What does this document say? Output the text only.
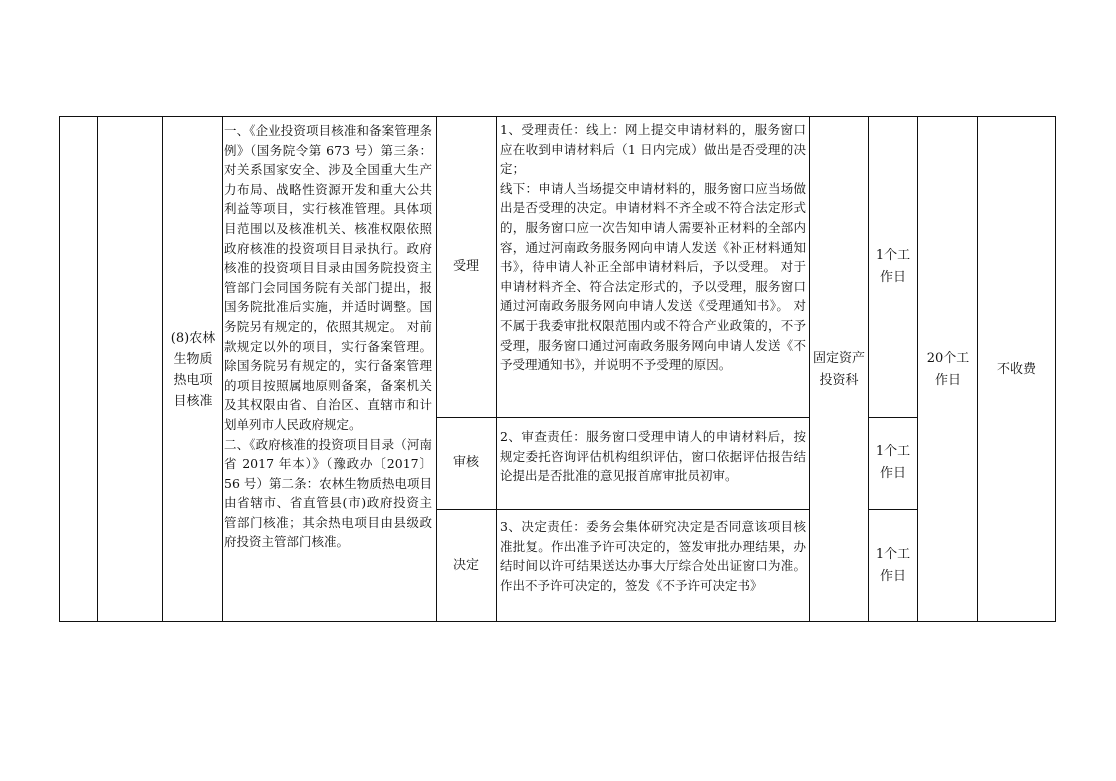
(8)农林生物质热电项目核准

一、《企业投资项目核准和备案管理条例》（国务院令第 673 号）第三条：对关系国家安全、涉及全国重大生产力布局、战略性资源开发和重大公共利益等项目，实行核准管理。具体项目范围以及核准机关、核准权限依照政府核准的投资项目目录执行。政府核准的投资项目目录由国务院投资主管部门会同国务院有关部门提出，报国务院批准后实施，并适时调整。国务院另有规定的，依照其规定。 对前款规定以外的项目，实行备案管理。除国务院另有规定的，实行备案管理的项目按照属地原则备案，备案机关及其权限由省、自治区、直辖市和计划单列市人民政府规定。

二、《政府核准的投资项目目录（河南省 2017 年本）》（豫政办〔2017〕56 号）第二条：农林生物质热电项目由省辖市、省直管县(市)政府投资主管部门核准；其余热电项目由县级政府投资主管部门核准。

受理
审核
决定

1、受理责任：线上：网上提交申请材料的，服务窗口应在收到申请材料后（1 日内完成）做出是否受理的决定；

线下：申请人当场提交申请材料的，服务窗口应当场做出是否受理的决定。申请材料不齐全或不符合法定形式的，服务窗口应一次告知申请人需要补正材料的全部内容，通过河南政务服务网向申请人发送《补正材料通知书》，待申请人补正全部申请材料后，予以受理。 对于申请材料齐全、符合法定形式的，予以受理，服务窗口通过河南政务服务网向申请人发送《受理通知书》。 对不属于我委审批权限范围内或不符合产业政策的，不予受理，服务窗口通过河南政务服务网向申请人发送《不予受理通知书》，并说明不予受理的原因。

2、审查责任：服务窗口受理申请人的申请材料后，按规定委托咨询评估机构组织评估，窗口依据评估报告结论提出是否批准的意见报首席审批员初审。

3、决定责任：委务会集体研究决定是否同意该项目核准批复。作出准予许可决定的，签发审批办理结果，办结时间以许可结果送达办事大厅综合处出证窗口为准。作出不予许可决定的，签发《不予许可决定书》

固定资产投资科
1个工作日
1个工作日
1个工作日
20个工作日
不收费
